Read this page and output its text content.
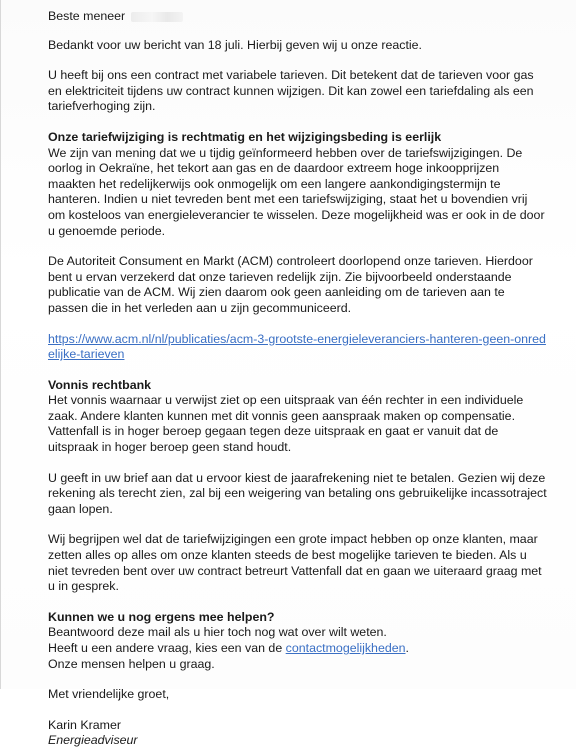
Beste meneer

Bedankt voor uw bericht van 18 juli. Hierbij geven wij u onze reactie.

U heeft bij ons een contract met variabele tarieven. Dit betekent dat de tarieven voor gas en elektriciteit tijdens uw contract kunnen wijzigen. Dit kan zowel een tariefdaling als een tariefverhoging zijn.

Onze tariefwijziging is rechtmatig en het wijzigingsbeding is eerlijk

We zijn van mening dat we u tijdig geïnformeerd hebben over de tariefswijzigingen. De oorlog in Oekraïne, het tekort aan gas en de daardoor extreem hoge inkoopprijzen maakten het redelijkerwijs ook onmogelijk om een langere aankondigingstermijn te hanteren. Indien u niet tevreden bent met een tariefswijziging, staat het u bovendien vrij om kosteloos van energieleverancier te wisselen. Deze mogelijkheid was er ook in de door u genoemde periode.

De Autoriteit Consument en Markt (ACM) controleert doorlopend onze tarieven. Hierdoor bent u ervan verzekerd dat onze tarieven redelijk zijn. Zie bijvoorbeeld onderstaande publicatie van de ACM. Wij zien daarom ook geen aanleiding om de tarieven aan te passen die in het verleden aan u zijn gecommuniceerd.

https://www.acm.nl/nl/publicaties/acm-3-grootste-energieleveranciers-hanteren-geen-onredelijke-tarieven

Vonnis rechtbank

Het vonnis waarnaar u verwijst ziet op een uitspraak van één rechter in een individuele zaak. Andere klanten kunnen met dit vonnis geen aanspraak maken op compensatie. Vattenfall is in hoger beroep gegaan tegen deze uitspraak en gaat er vanuit dat de uitspraak in hoger beroep geen stand houdt.

U geeft in uw brief aan dat u ervoor kiest de jaarafrekening niet te betalen. Gezien wij deze rekening als terecht zien, zal bij een weigering van betaling ons gebruikelijke incassotraject gaan lopen.

Wij begrijpen wel dat de tariefwijzigingen een grote impact hebben op onze klanten, maar zetten alles op alles om onze klanten steeds de best mogelijke tarieven te bieden. Als u niet tevreden bent over uw contract betreurt Vattenfall dat en gaan we uiteraard graag met u in gesprek.

Kunnen we u nog ergens mee helpen?

Beantwoord deze mail als u hier toch nog wat over wilt weten.

Heeft u een andere vraag, kies een van de contactmogelijkheden.

Onze mensen helpen u graag.

Met vriendelijke groet,

Karin Kramer

Energieadviseur
